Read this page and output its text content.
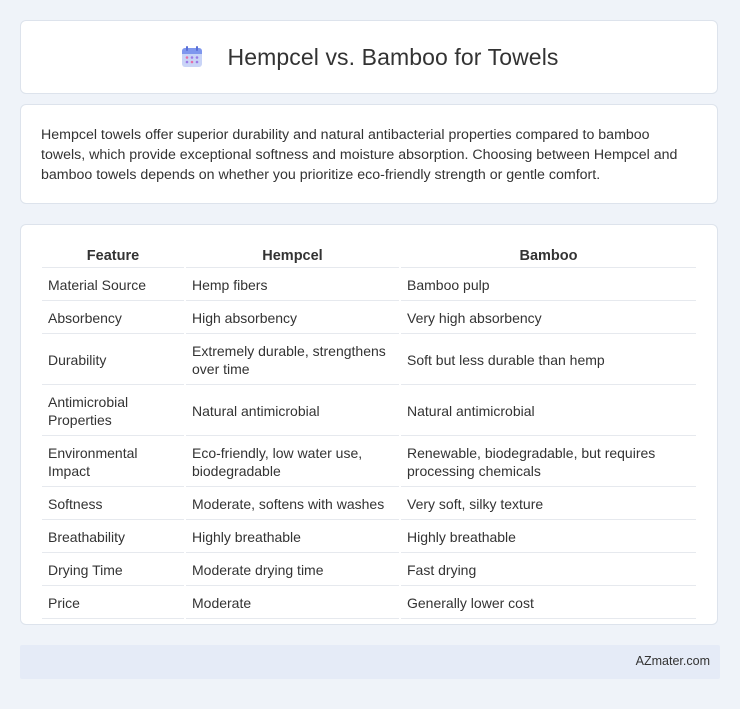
Hempcel vs. Bamboo for Towels

Hempcel towels offer superior durability and natural antibacterial properties compared to bamboo towels, which provide exceptional softness and moisture absorption. Choosing between Hempcel and bamboo towels depends on whether you prioritize eco-friendly strength or gentle comfort.

Feature	Hempcel	Bamboo
Material Source	Hemp fibers	Bamboo pulp
Absorbency	High absorbency	Very high absorbency
Durability	Extremely durable, strengthens over time	Soft but less durable than hemp
Antimicrobial Properties	Natural antimicrobial	Natural antimicrobial
Environmental Impact	Eco-friendly, low water use, biodegradable	Renewable, biodegradable, but requires processing chemicals
Softness	Moderate, softens with washes	Very soft, silky texture
Breathability	Highly breathable	Highly breathable
Drying Time	Moderate drying time	Fast drying
Price	Moderate	Generally lower cost
AZmater.com
